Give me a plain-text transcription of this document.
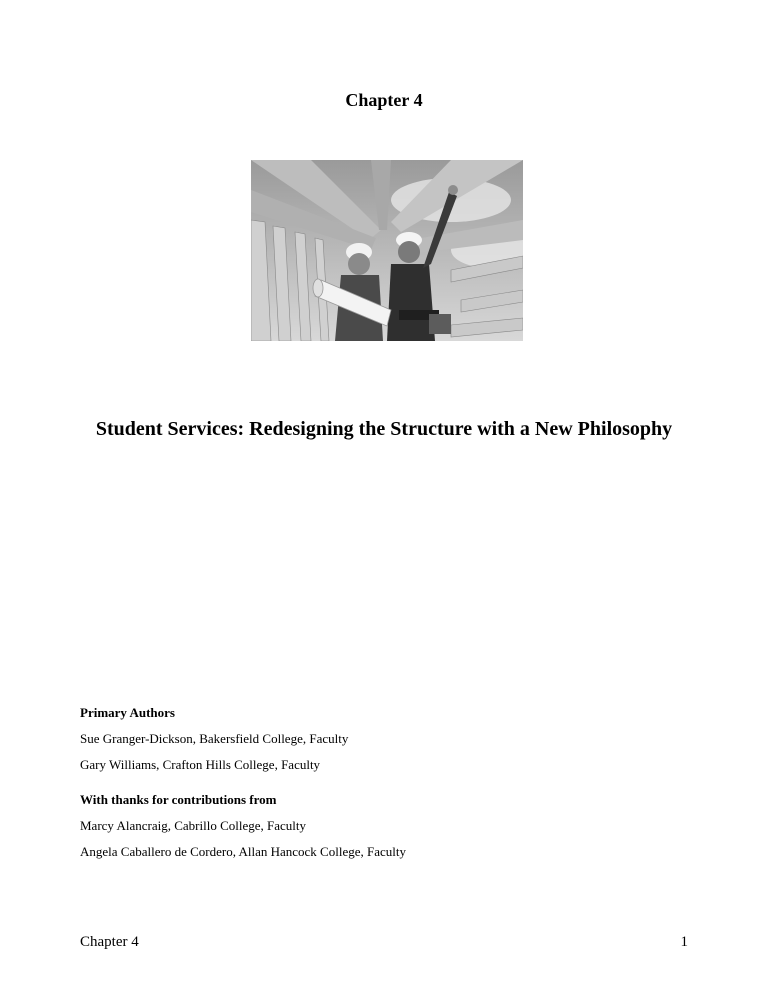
Chapter 4
Student Services: Redesigning the Structure with a New Philosophy

Primary Authors

Sue Granger-Dickson, Bakersfield College, Faculty

Gary Williams, Crafton Hills College, Faculty

With thanks for contributions from

Marcy Alancraig, Cabrillo College, Faculty

Angela Caballero de Cordero, Allan Hancock College, Faculty

Chapter 4	1
